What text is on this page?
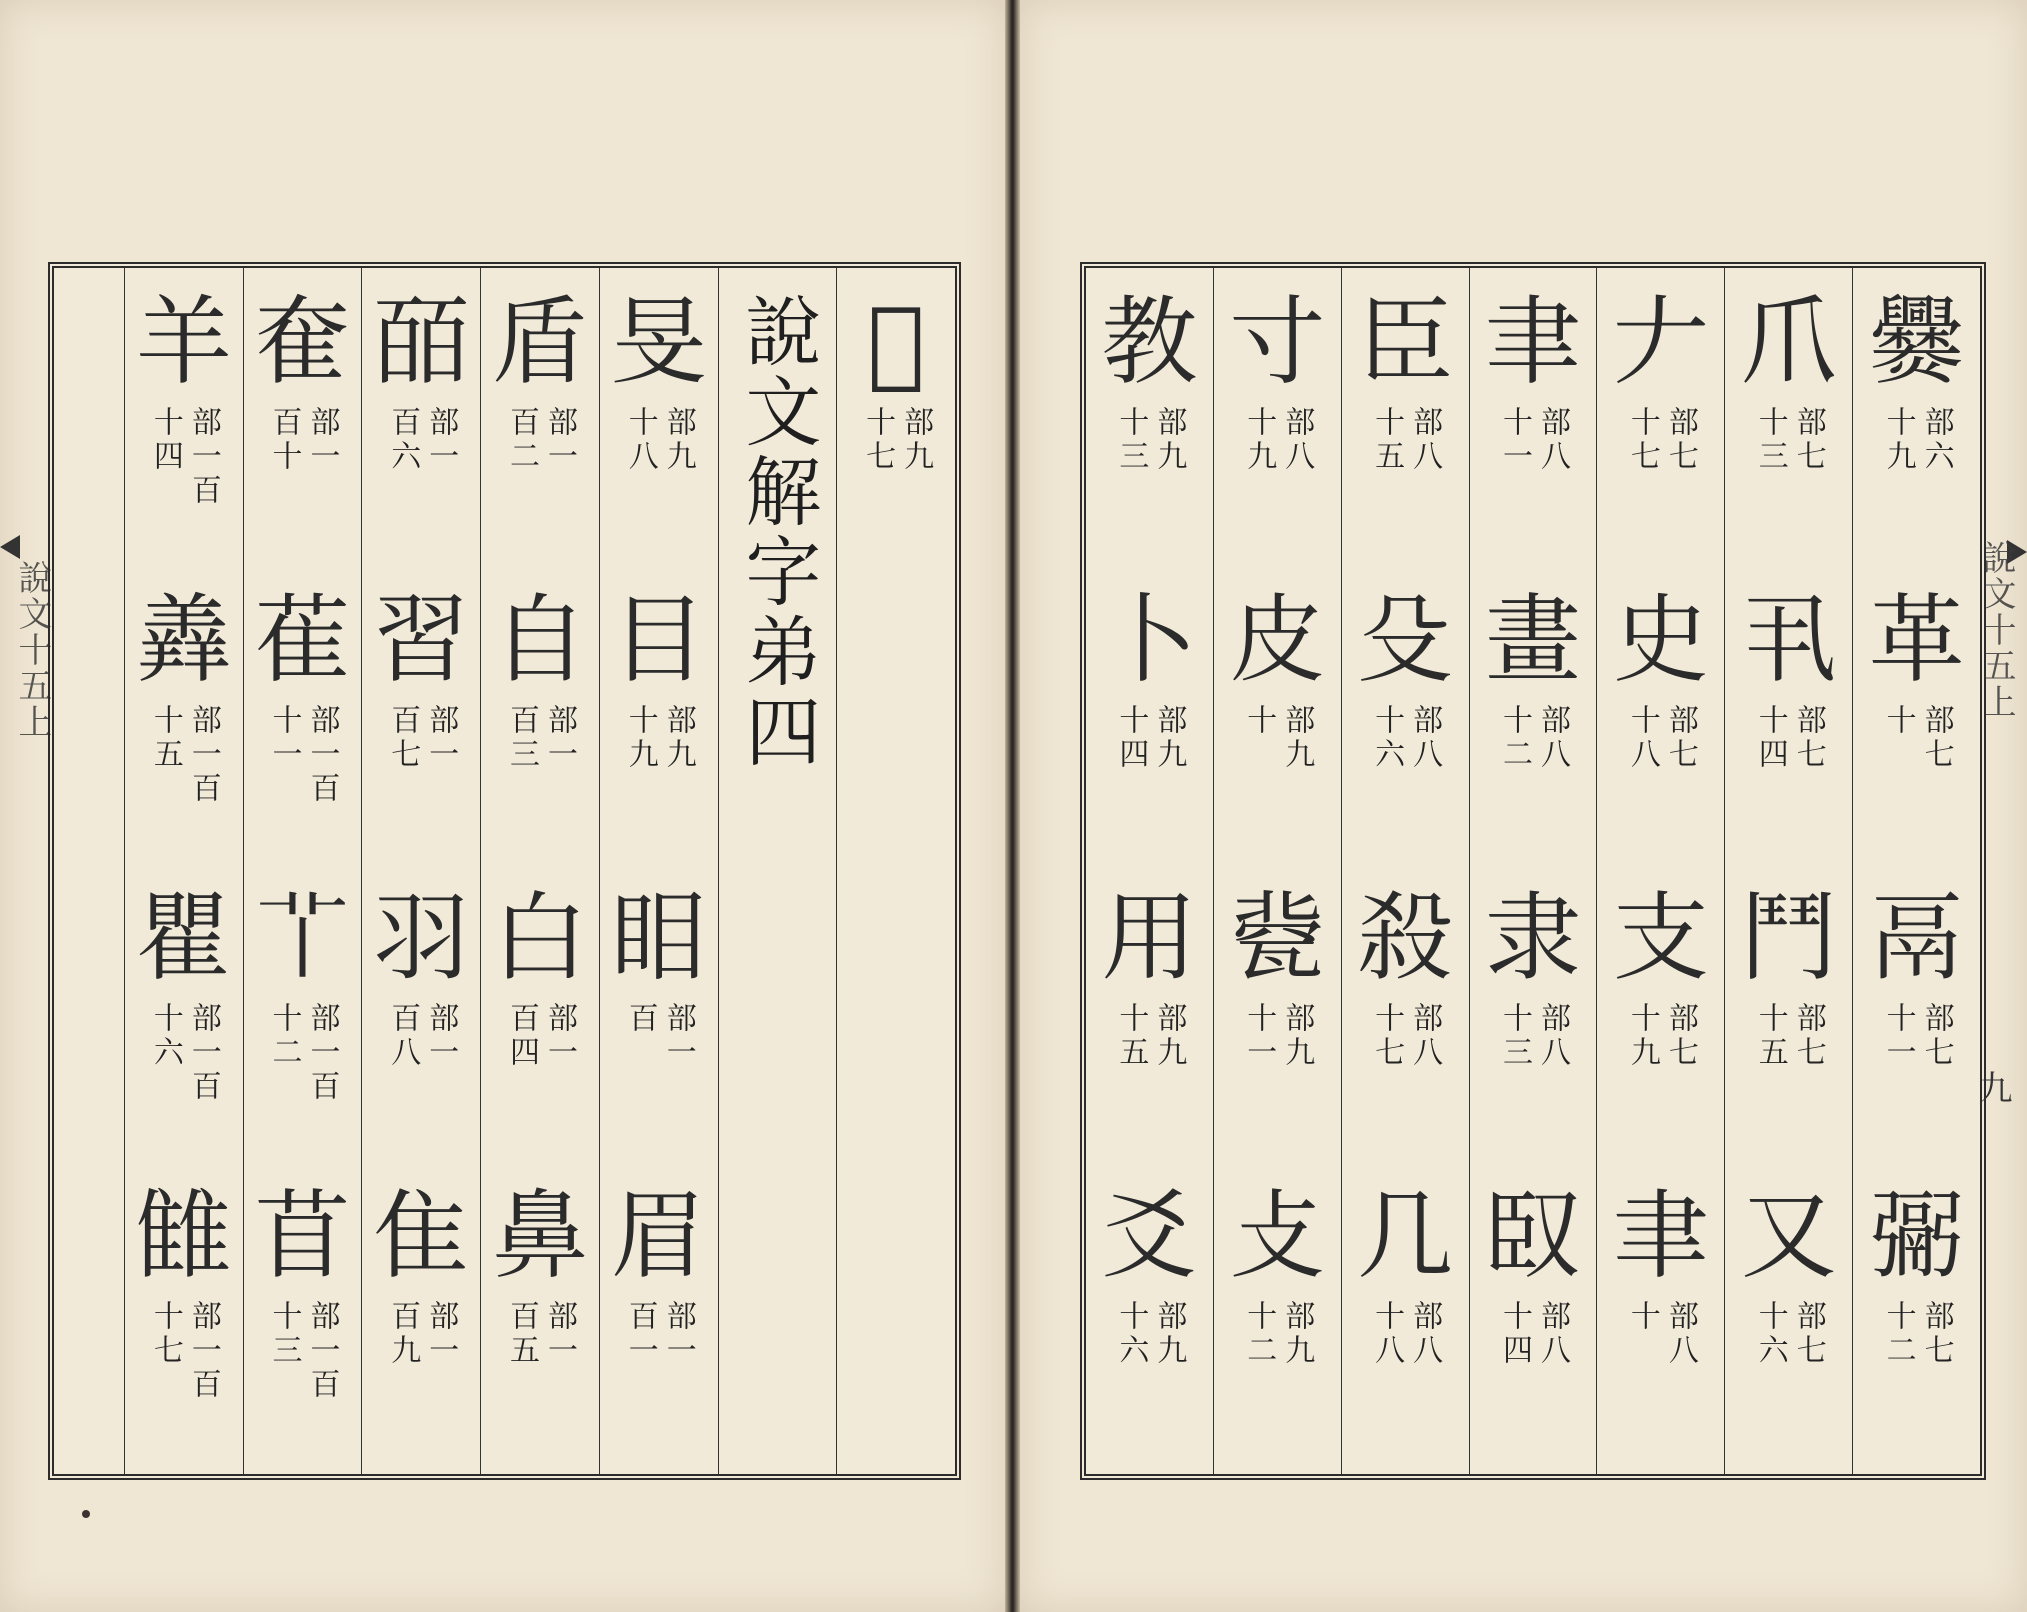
說文十五上
𤕫
部九
十七
說文解字弟四
旻
部九
十八
目
部九
十九
䀠
部一
百
眉
部一
百一
盾
部一
百二
自
部一
百三
白
部一
百四
鼻
部一
百五
皕
部一
百六
習
部一
百七
羽
部一
百八
隹
部一
百九
奞
部一
百十
萑
部一百
十一
𦫳
部一百
十二
苜
部一百
十三
羊
部一百
十四
羴
部一百
十五
瞿
部一百
十六
雔
部一百
十七
說文十五上
九
爨
部六
十九
革
部七
十
鬲
部七
十一
䰜
部七
十二
爪
部七
十三
丮
部七
十四
鬥
部七
十五
又
部七
十六
𠂇
部七
十七
史
部七
十八
支
部七
十九
聿
部八
十
聿
部八
十一
畫
部八
十二
隶
部八
十三
臤
部八
十四
臣
部八
十五
殳
部八
十六
殺
部八
十七
几
部八
十八
寸
部八
十九
皮
部九
十
㼱
部九
十一
攴
部九
十二
教
部九
十三
卜
部九
十四
用
部九
十五
爻
部九
十六
